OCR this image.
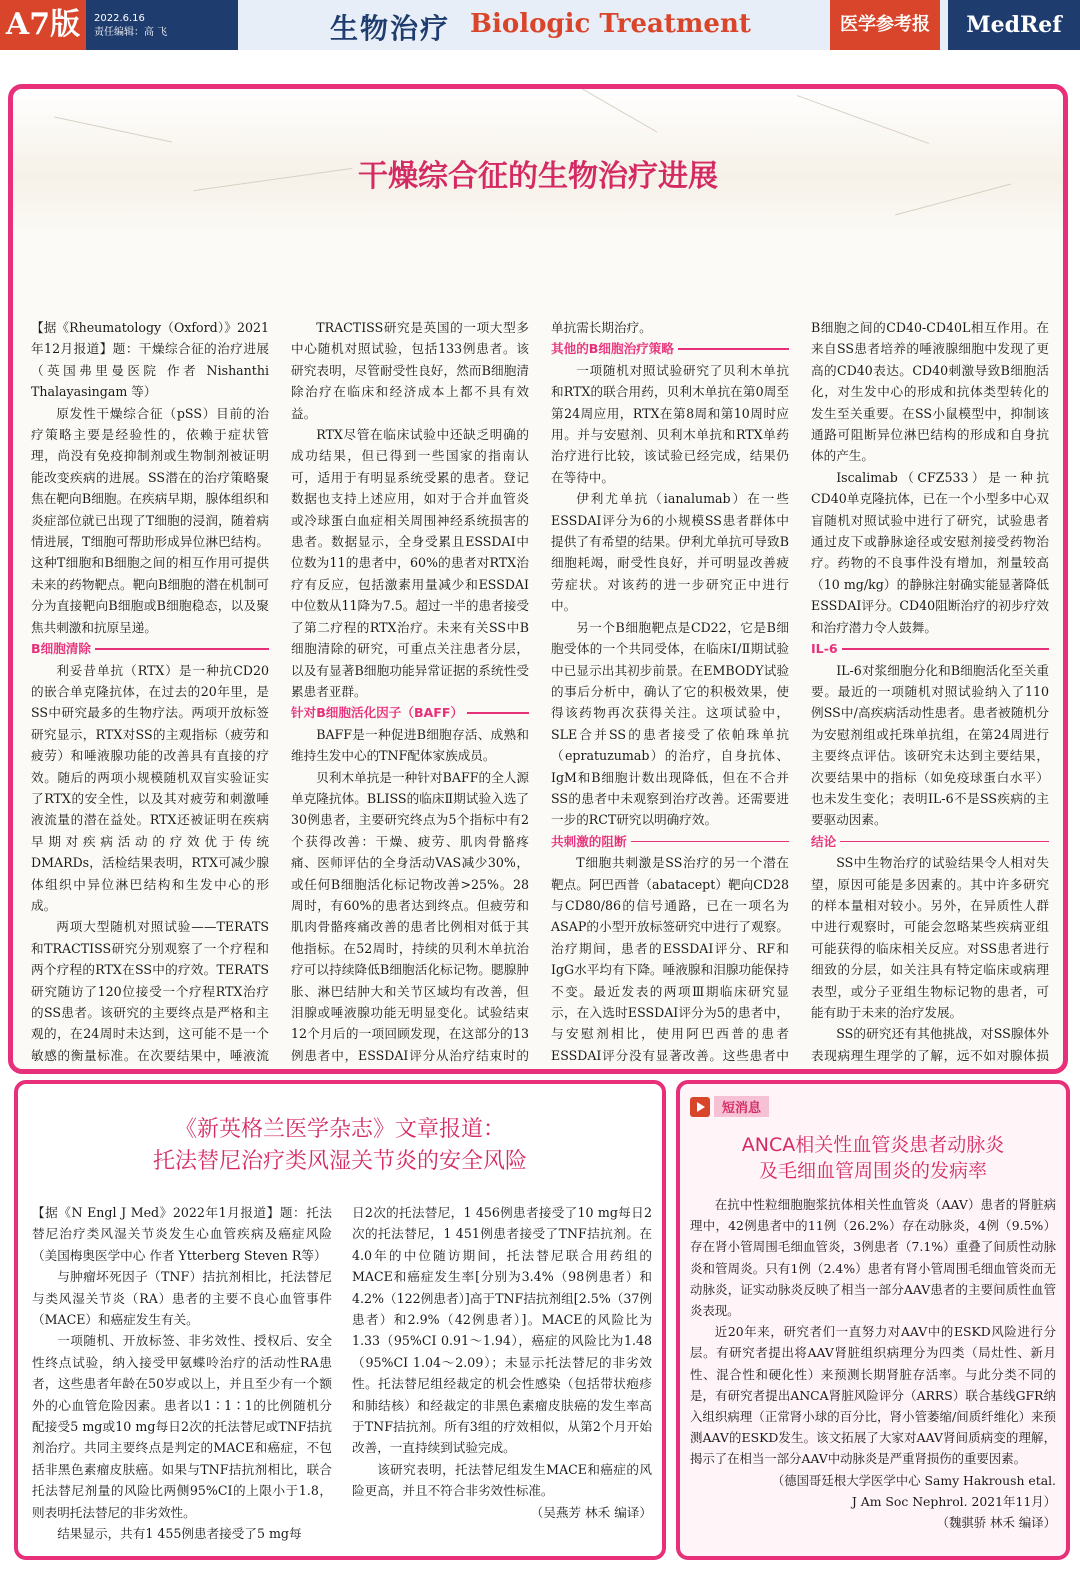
A7版	2022.6.16
责任编辑：高 飞	生物治疗 Biologic Treatment	医学参考报	MedRef
干燥综合征的生物治疗进展

【据《Rheumatology（Oxford）》2021年12月报道】题：干燥综合征的治疗进展（英国弗里曼医院 作者 Nishanthi Thalayasingam 等）

原发性干燥综合征（pSS）目前的治疗策略主要是经验性的，依赖于症状管理，尚没有免疫抑制剂或生物制剂被证明能改变疾病的进展。SS潜在的治疗策略聚焦在靶向B细胞。在疾病早期，腺体组织和炎症部位就已出现了T细胞的浸润，随着病情进展，T细胞可帮助形成异位淋巴结构。这种T细胞和B细胞之间的相互作用可提供未来的药物靶点。靶向B细胞的潜在机制可分为直接靶向B细胞或B细胞稳态，以及聚焦共刺激和抗原呈递。

B细胞清除

利妥昔单抗（RTX）是一种抗CD20的嵌合单克隆抗体，在过去的20年里，是SS中研究最多的生物疗法。两项开放标签研究显示，RTX对SS的主观指标（疲劳和疲劳）和唾液腺功能的改善具有直接的疗效。随后的两项小规模随机双盲实验证实了RTX的安全性，以及其对疲劳和刺激唾液流量的潜在益处。RTX还被证明在疾病早期对疾病活动的疗效优于传统DMARDs，活检结果表明，RTX可减少腺体组织中异位淋巴结构和生发中心的形成。

两项大型随机对照试验——TERATS和TRACTISS研究分别观察了一个疗程和两个疗程的RTX在SS中的疗效。TERATS研究随访了120位接受一个疗程RTX治疗的SS患者。该研究的主要终点是严格和主观的，在24周时未达到，这可能不是一个敏感的衡量标准。在次要结果中，唾液流

TRACTISS研究是英国的一项大型多中心随机对照试验，包括133例患者。该研究表明，尽管耐受性良好，然而B细胞清除治疗在临床和经济成本上都不具有效益。

RTX尽管在临床试验中还缺乏明确的成功结果，但已得到一些国家的指南认可，适用于有明显系统受累的患者。登记数据也支持上述应用，如对于合并血管炎或冷球蛋白血症相关周围神经系统损害的患者。数据显示，全身受累且ESSDAI中位数为11的患者中，60%的患者对RTX治疗有反应，包括激素用量减少和ESSDAI中位数从11降为7.5。超过一半的患者接受了第二疗程的RTX治疗。未来有关SS中B细胞清除的研究，可重点关注患者分层，以及有显著B细胞功能异常证据的系统性受累患者亚群。

针对B细胞活化因子（BAFF）

BAFF是一种促进B细胞存活、成熟和维持生发中心的TNF配体家族成员。

贝利木单抗是一种针对BAFF的全人源单克隆抗体。BLISS的临床Ⅱ期试验入选了30例患者，主要研究终点为5个指标中有2个获得改善：干燥、疲劳、肌肉骨骼疼痛、医师评估的全身活动VAS减少30%，或任何B细胞活化标记物改善>25%。28周时，有60%的患者达到终点。但疲劳和肌肉骨骼疼痛改善的患者比例相对低于其他指标。在52周时，持续的贝利木单抗治疗可以持续降低B细胞活化标记物。腮腺肿胀、淋巴结肿大和关节区域均有改善，但泪腺或唾液腺功能无明显变化。试验结束12个月后的一项回顾发现，在这部分的13例患者中，ESSDAI评分从治疗结束时的

单抗需长期治疗。

其他的B细胞治疗策略

一项随机对照试验研究了贝利木单抗和RTX的联合用药，贝利木单抗在第0周至第24周应用，RTX在第8周和第10周时应用。并与安慰剂、贝利木单抗和RTX单药治疗进行比较，该试验已经完成，结果仍在等待中。

伊利尤单抗（ianalumab）在一些ESSDAI评分为6的小规模SS患者群体中提供了有希望的结果。伊利尤单抗可导致B细胞耗竭，耐受性良好，并可明显改善疲劳症状。对该药的进一步研究正中进行中。

另一个B细胞靶点是CD22，它是B细胞受体的一个共同受体，在临床Ⅰ/Ⅱ期试验中已显示出其初步前景。在EMBODY试验的事后分析中，确认了它的积极效果，使得该药物再次获得关注。这项试验中，SLE合并SS的患者接受了依帕珠单抗（epratuzumab）的治疗，自身抗体、IgM和B细胞计数出现降低，但在不合并SS的患者中未观察到治疗改善。还需要进一步的RCT研究以明确疗效。

共刺激的阻断

T细胞共刺激是SS治疗的另一个潜在靶点。阿巴西普（abatacept）靶向CD28与CD80/86的信号通路，已在一项名为ASAP的小型开放标签研究中进行了观察。治疗期间，患者的ESSDAI评分、RF和IgG水平均有下降。唾液腺和泪腺功能保持不变。最近发表的两项Ⅲ期临床研究显示，在入选时ESSDAI评分为5的患者中，与安慰剂相比，使用阿巴西普的患者ESSDAI评分没有显著改善。这些患者中

B细胞之间的CD40-CD40L相互作用。在来自SS患者培养的唾液腺细胞中发现了更高的CD40表达。CD40刺激导致B细胞活化，对生发中心的形成和抗体类型转化的发生至关重要。在SS小鼠模型中，抑制该通路可阻断异位淋巴结构的形成和自身抗体的产生。

Iscalimab（CFZ533）是一种抗CD40单克隆抗体，已在一个小型多中心双盲随机对照试验中进行了研究，试验患者通过皮下或静脉途径或安慰剂接受药物治疗。药物的不良事件没有增加，剂量较高（10 mg/kg）的静脉注射确实能显著降低ESSDAI评分。CD40阻断治疗的初步疗效和治疗潜力令人鼓舞。

IL-6

IL-6对浆细胞分化和B细胞活化至关重要。最近的一项随机对照试验纳入了110例SS中/高疾病活动性患者。患者被随机分为安慰剂组或托珠单抗组，在第24周进行主要终点评估。该研究未达到主要结果，次要结果中的指标（如免疫球蛋白水平）也未发生变化；表明IL-6不是SS疾病的主要驱动因素。

结论

SS中生物治疗的试验结果令人相对失望，原因可能是多因素的。其中许多研究的样本量相对较小。另外，在异质性人群中进行观察时，可能会忽略某些疾病亚组可能获得的临床相关反应。对SS患者进行细致的分层，如关注具有特定临床或病理表型，或分子亚组生物标记物的患者，可能有助于未来的治疗发展。

SS的研究还有其他挑战，对SS腺体外表现病理生理学的了解，远不如对腺体损

《新英格兰医学杂志》文章报道：
托法替尼治疗类风湿关节炎的安全风险

【据《N Engl J Med》2022年1月报道】题：托法替尼治疗类风湿关节炎发生心血管疾病及癌症风险（美国梅奥医学中心 作者 Ytterberg Steven R等）

与肿瘤坏死因子（TNF）拮抗剂相比，托法替尼与类风湿关节炎（RA）患者的主要不良心血管事件（MACE）和癌症发生有关。

一项随机、开放标签、非劣效性、授权后、安全性终点试验，纳入接受甲氨蝶呤治疗的活动性RA患者，这些患者年龄在50岁或以上，并且至少有一个额外的心血管危险因素。患者以1∶1∶1的比例随机分配接受5 mg或10 mg每日2次的托法替尼或TNF拮抗剂治疗。共同主要终点是判定的MACE和癌症，不包括非黑色素瘤皮肤癌。如果与TNF拮抗剂相比，联合托法替尼剂量的风险比两侧95%CI的上限小于1.8，则表明托法替尼的非劣效性。

结果显示，共有1 455例患者接受了5 mg每

日2次的托法替尼，1 456例患者接受了10 mg每日2次的托法替尼，1 451例患者接受了TNF拮抗剂。在4.0年的中位随访期间，托法替尼联合用药组的MACE和癌症发生率[分别为3.4%（98例患者）和4.2%（122例患者）]高于TNF拮抗剂组[2.5%（37例患者）和2.9%（42例患者）]。MACE的风险比为1.33（95%CI 0.91～1.94），癌症的风险比为1.48（95%CI 1.04～2.09）；未显示托法替尼的非劣效性。托法替尼组经裁定的机会性感染（包括带状疱疹和肺结核）和经裁定的非黑色素瘤皮肤癌的发生率高于TNF拮抗剂。所有3组的疗效相似，从第2个月开始改善，一直持续到试验完成。

该研究表明，托法替尼组发生MACE和癌症的风险更高，并且不符合非劣效性标准。

（吴燕芳 林禾 编译）
短消息
ANCA相关性血管炎患者动脉炎
及毛细血管周围炎的发病率

在抗中性粒细胞胞浆抗体相关性血管炎（AAV）患者的肾脏病理中，42例患者中的11例（26.2%）存在动脉炎，4例（9.5%）存在肾小管周围毛细血管炎，3例患者（7.1%）重叠了间质性动脉炎和管周炎。只有1例（2.4%）患者有肾小管周围毛细血管炎而无动脉炎，证实动脉炎反映了相当一部分AAV患者的主要间质性血管炎表现。

近20年来，研究者们一直努力对AAV中的ESKD风险进行分层。有研究者提出将AAV肾脏组织病理分为四类（局灶性、新月性、混合性和硬化性）来预测长期肾脏存活率。与此分类不同的是，有研究者提出ANCA肾脏风险评分（ARRS）联合基线GFR纳入组织病理（正常肾小球的百分比，肾小管萎缩/间质纤维化）来预测AAV的ESKD发生。该文拓展了大家对AAV肾间质病变的理解，揭示了在相当一部分AAV中动脉炎是严重肾损伤的重要因素。

（德国哥廷根大学医学中心 Samy Hakroush etal.

J Am Soc Nephrol. 2021年11月）

（魏骐骄 林禾 编译）
